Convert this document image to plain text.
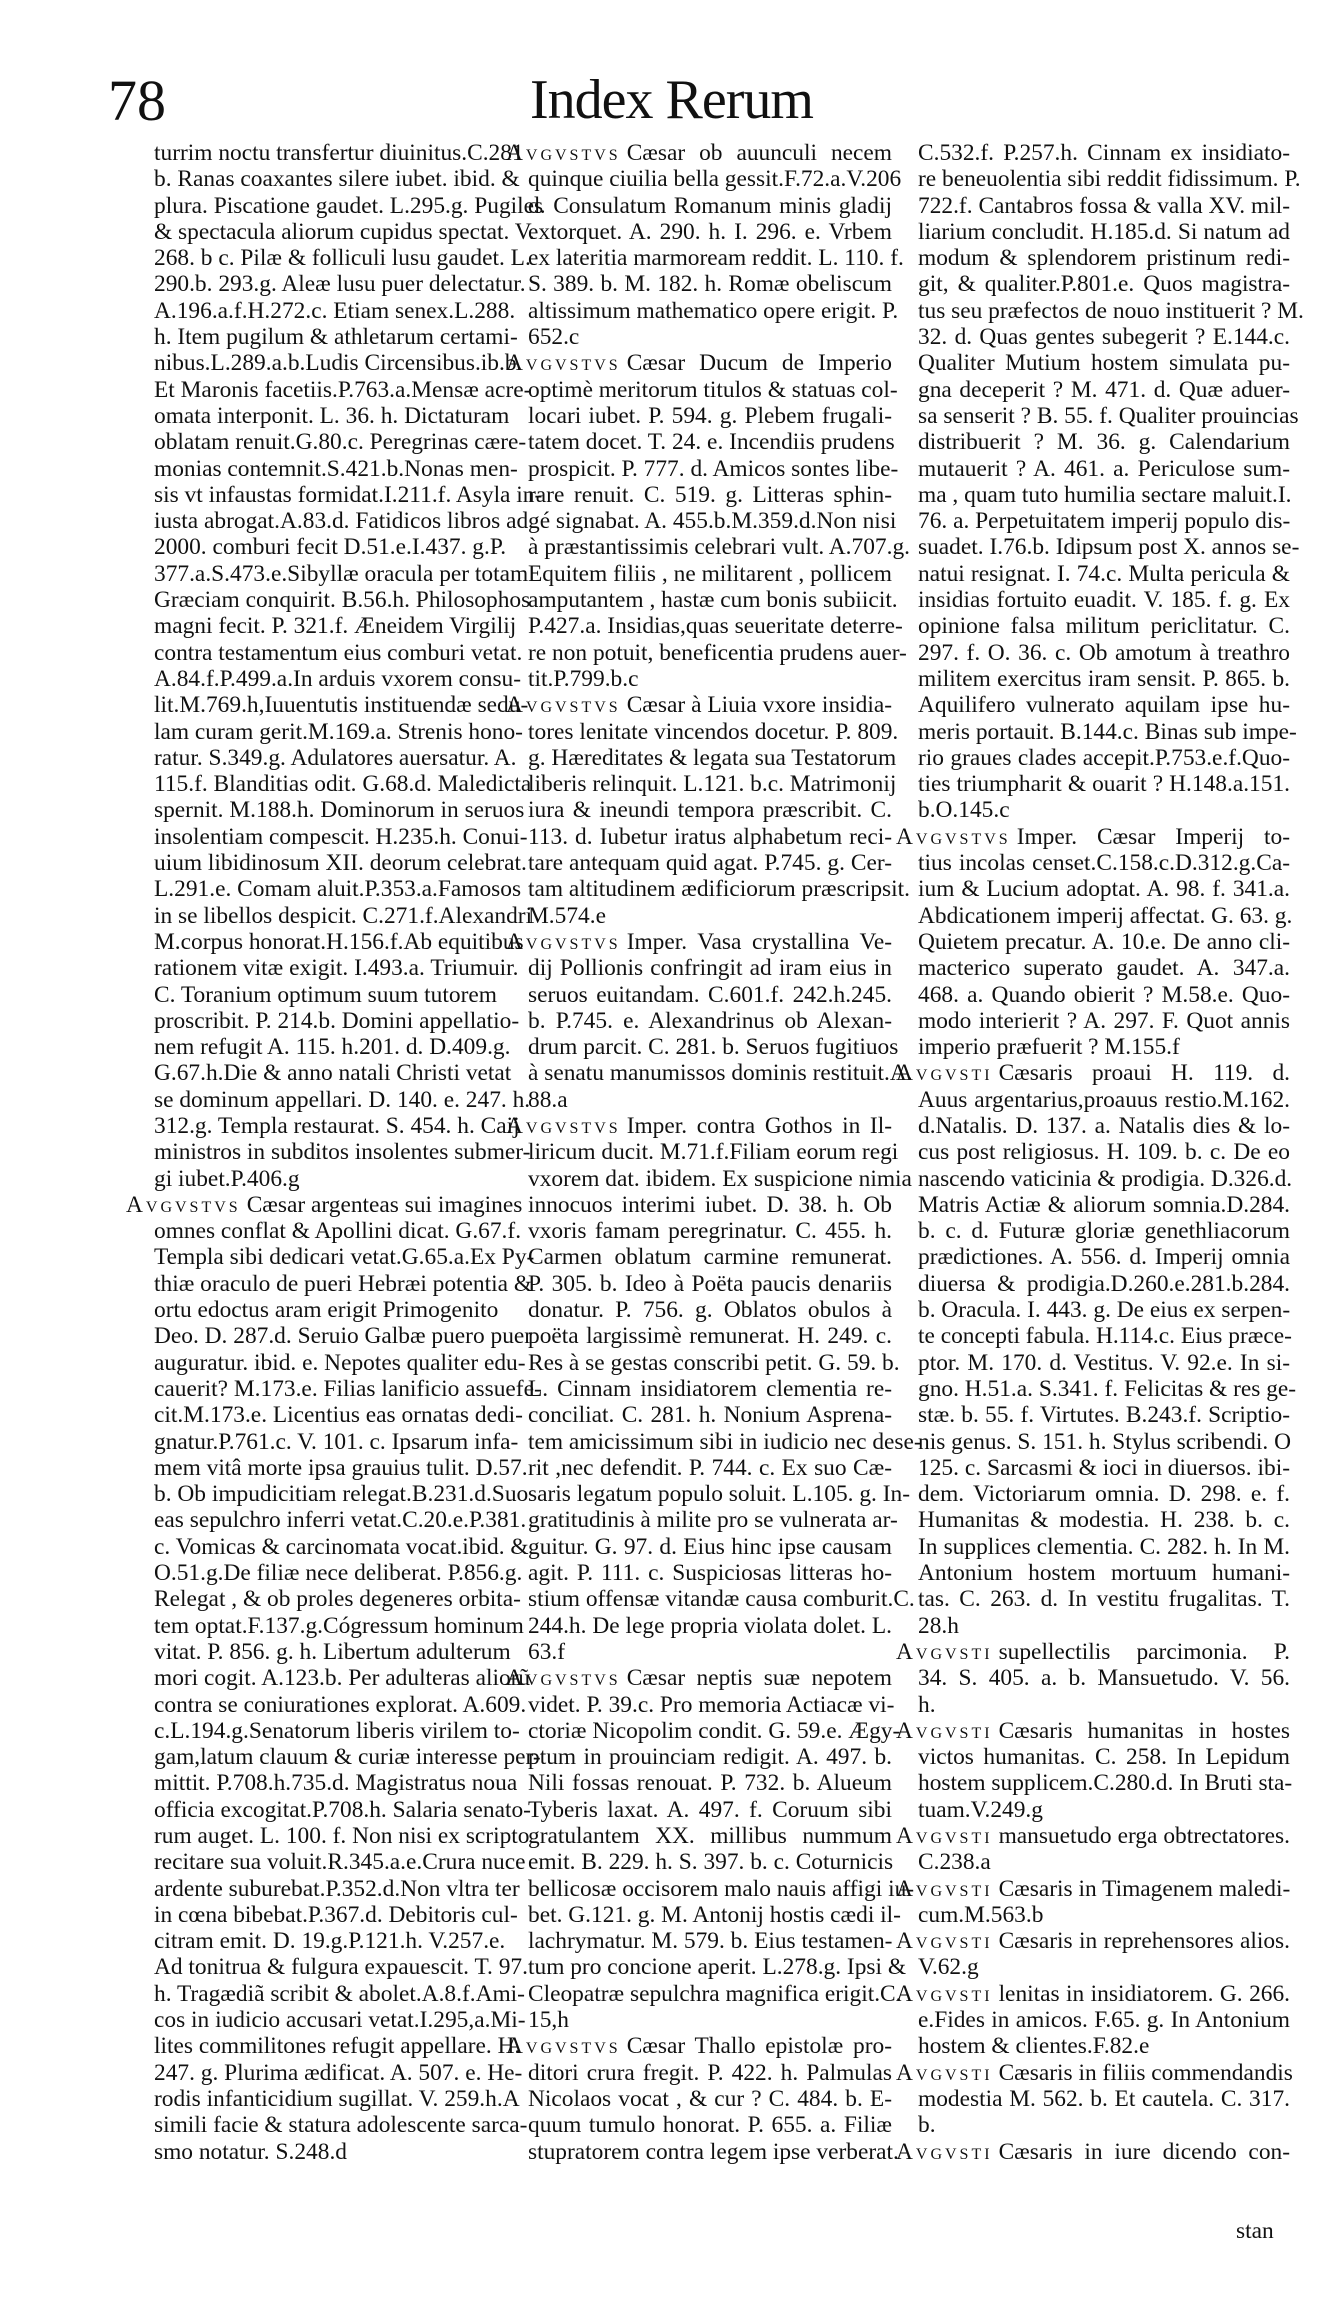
78	Index Rerum
turrim noctu transfertur diuinitus.C.281
b. Ranas coaxantes silere iubet. ibid. &
plura. Piscatione gaudet. L.295.g. Pugiles
& spectacula aliorum cupidus spectat. V.
268. b c. Pilæ & folliculi lusu gaudet. L.
290.b. 293.g. Aleæ lusu puer delectatur.
A.196.a.f.H.272.c. Etiam senex.L.288.
h. Item pugilum & athletarum certami-
nibus.L.289.a.b.Ludis Circensibus.ib.b.
Et Maronis facetiis.P.763.a.Mensæ acre-
omata interponit. L. 36. h. Dictaturam
oblatam renuit.G.80.c. Peregrinas cære-
monias contemnit.S.421.b.Nonas men-
sis vt infaustas formidat.I.211.f. Asyla in-
iusta abrogat.A.83.d. Fatidicos libros ad
2000. comburi fecit D.51.e.I.437. g.P.
377.a.S.473.e.Sibyllæ oracula per totam
Græciam conquirit. B.56.h. Philosophos
magni fecit. P. 321.f. Æneidem Virgilij
contra testamentum eius comburi vetat.
A.84.f.P.499.a.In arduis vxorem consu-
lit.M.769.h,Iuuentutis instituendæ sedu-
lam curam gerit.M.169.a. Strenis hono-
ratur. S.349.g. Adulatores auersatur. A.
115.f. Blanditias odit. G.68.d. Maledicta
spernit. M.188.h. Dominorum in seruos
insolentiam compescit. H.235.h. Conui-
uium libidinosum XII. deorum celebrat.
L.291.e. Comam aluit.P.353.a.Famosos
in se libellos despicit. C.271.f.Alexandri
M.corpus honorat.H.156.f.Ab equitibus
rationem vitæ exigit. I.493.a. Triumuir.
C. Toranium optimum suum tutorem
proscribit. P. 214.b. Domini appellatio-
nem refugit A. 115. h.201. d. D.409.g.
G.67.h.Die & anno natali Christi vetat
se dominum appellari. D. 140. e. 247. h.
312.g. Templa restaurat. S. 454. h. Caij
ministros in subditos insolentes submer-
gi iubet.P.406.g
Avgvstvs Cæsar argenteas sui imagines
omnes conflat & Apollini dicat. G.67.f.
Templa sibi dedicari vetat.G.65.a.Ex Py-
thiæ oraculo de pueri Hebræi potentia &
ortu edoctus aram erigit Primogenito
Deo. D. 287.d. Seruio Galbæ puero puer
auguratur. ibid. e. Nepotes qualiter edu-
cauerit? M.173.e. Filias lanificio assuefe-
cit.M.173.e. Licentius eas ornatas dedi-
gnatur.P.761.c. V. 101. c. Ipsarum infa-
mem vitâ morte ipsa grauius tulit. D.57.
b. Ob impudicitiam relegat.B.231.d.Suo
eas sepulchro inferri vetat.C.20.e.P.381.
c. Vomicas & carcinomata vocat.ibid. &
O.51.g.De filiæ nece deliberat. P.856.g.
Relegat , & ob proles degeneres orbita-
tem optat.F.137.g.Cógressum hominum
vitat. P. 856. g. h. Libertum adulterum
mori cogit. A.123.b. Per adulteras aliorũ
contra se coniurationes explorat. A.609.
c.L.194.g.Senatorum liberis virilem to-
gam,latum clauum & curiæ interesse per-
mittit. P.708.h.735.d. Magistratus noua
officia excogitat.P.708.h. Salaria senato-
rum auget. L. 100. f. Non nisi ex scripto
recitare sua voluit.R.345.a.e.Crura nuce
ardente suburebat.P.352.d.Non vltra ter
in cœna bibebat.P.367.d. Debitoris cul-
citram emit. D. 19.g.P.121.h. V.257.e.
Ad tonitrua & fulgura expauescit. T. 97.
h. Tragædiã scribit & abolet.A.8.f.Ami-
cos in iudicio accusari vetat.I.295,a.Mi-
lites commilitones refugit appellare. H.
247. g. Plurima ædificat. A. 507. e. He-
rodis infanticidium sugillat. V. 259.h.A
simili facie & statura adolescente sarca-
smo notatur. S.248.d
Avgvstvs Cæsar ob auunculi necem
quinque ciuilia bella gessit.F.72.a.V.206
d. Consulatum Romanum minis gladij
extorquet. A. 290. h. I. 296. e. Vrbem
ex lateritia marmoream reddit. L. 110. f.
S. 389. b. M. 182. h. Romæ obeliscum
altissimum mathematico opere erigit. P.
652.c
Avgvstvs Cæsar Ducum de Imperio
optimè meritorum titulos & statuas col-
locari iubet. P. 594. g. Plebem frugali-
tatem docet. T. 24. e. Incendiis prudens
prospicit. P. 777. d. Amicos sontes libe-
rare renuit. C. 519. g. Litteras sphin-
gé signabat. A. 455.b.M.359.d.Non nisi
à præstantissimis celebrari vult. A.707.g.
Equitem filiis , ne militarent , pollicem
amputantem , hastæ cum bonis subiicit.
P.427.a. Insidias,quas seueritate deterre-
re non potuit, beneficentia prudens auer-
tit.P.799.b.c
Avgvstvs Cæsar à Liuia vxore insidia-
tores lenitate vincendos docetur. P. 809.
g. Hæreditates & legata sua Testatorum
liberis relinquit. L.121. b.c. Matrimonij
iura & ineundi tempora præscribit. C.
113. d. Iubetur iratus alphabetum reci-
tare antequam quid agat. P.745. g. Cer-
tam altitudinem ædificiorum præscripsit.
M.574.e
Avgvstvs Imper. Vasa crystallina Ve-
dij Pollionis confringit ad iram eius in
seruos euitandam. C.601.f. 242.h.245.
b. P.745. e. Alexandrinus ob Alexan-
drum parcit. C. 281. b. Seruos fugitiuos
à senatu manumissos dominis restituit.A.
88.a
Avgvstvs Imper. contra Gothos in Il-
liricum ducit. M.71.f.Filiam eorum regi
vxorem dat. ibidem. Ex suspicione nimia
innocuos interimi iubet. D. 38. h. Ob
vxoris famam peregrinatur. C. 455. h.
Carmen oblatum carmine remunerat.
P. 305. b. Ideo à Poëta paucis denariis
donatur. P. 756. g. Oblatos obulos à
poëta largissimè remunerat. H. 249. c.
Res à se gestas conscribi petit. G. 59. b.
L. Cinnam insidiatorem clementia re-
conciliat. C. 281. h. Nonium Asprena-
tem amicissimum sibi in iudicio nec dese-
rit ,nec defendit. P. 744. c. Ex suo Cæ-
saris legatum populo soluit. L.105. g. In-
gratitudinis à milite pro se vulnerata ar-
guitur. G. 97. d. Eius hinc ipse causam
agit. P. 111. c. Suspiciosas litteras ho-
stium offensæ vitandæ causa comburit.C.
244.h. De lege propria violata dolet. L.
63.f
Avgvstvs Cæsar neptis suæ nepotem
videt. P. 39.c. Pro memoria Actiacæ vi-
ctoriæ Nicopolim condit. G. 59.e. Ægy-
ptum in prouinciam redigit. A. 497. b.
Nili fossas renouat. P. 732. b. Alueum
Tyberis laxat. A. 497. f. Coruum sibi
gratulantem XX. millibus nummum
emit. B. 229. h. S. 397. b. c. Coturnicis
bellicosæ occisorem malo nauis affigi iu-
bet. G.121. g. M. Antonij hostis cædi il-
lachrymatur. M. 579. b. Eius testamen-
tum pro concione aperit. L.278.g. Ipsi &
Cleopatræ sepulchra magnifica erigit.C.
15,h
Avgvstvs Cæsar Thallo epistolæ pro-
ditori crura fregit. P. 422. h. Palmulas
Nicolaos vocat , & cur ? C. 484. b. E-
quum tumulo honorat. P. 655. a. Filiæ
stupratorem contra legem ipse verberat.
C.532.f. P.257.h. Cinnam ex insidiato-
re beneuolentia sibi reddit fidissimum. P.
722.f. Cantabros fossa & valla XV. mil-
liarium concludit. H.185.d. Si natum ad
modum & splendorem pristinum redi-
git, & qualiter.P.801.e. Quos magistra-
tus seu præfectos de nouo instituerit ? M.
32. d. Quas gentes subegerit ? E.144.c.
Qualiter Mutium hostem simulata pu-
gna deceperit ? M. 471. d. Quæ aduer-
sa senserit ? B. 55. f. Qualiter prouincias
distribuerit ? M. 36. g. Calendarium
mutauerit ? A. 461. a. Periculose sum-
ma , quam tuto humilia sectare maluit.I.
76. a. Perpetuitatem imperij populo dis-
suadet. I.76.b. Idipsum post X. annos se-
natui resignat. I. 74.c. Multa pericula &
insidias fortuito euadit. V. 185. f. g. Ex
opinione falsa militum periclitatur. C.
297. f. O. 36. c. Ob amotum à treathro
militem exercitus iram sensit. P. 865. b.
Aquilifero vulnerato aquilam ipse hu-
meris portauit. B.144.c. Binas sub impe-
rio graues clades accepit.P.753.e.f.Quo-
ties triumpharit & ouarit ? H.148.a.151.
b.O.145.c
Avgvstvs Imper. Cæsar Imperij to-
tius incolas censet.C.158.c.D.312.g.Ca-
ium & Lucium adoptat. A. 98. f. 341.a.
Abdicationem imperij affectat. G. 63. g.
Quietem precatur. A. 10.e. De anno cli-
macterico superato gaudet. A. 347.a.
468. a. Quando obierit ? M.58.e. Quo-
modo interierit ? A. 297. F. Quot annis
imperio præfuerit ? M.155.f
Avgvsti Cæsaris proaui H. 119. d.
Auus argentarius,proauus restio.M.162.
d.Natalis. D. 137. a. Natalis dies & lo-
cus post religiosus. H. 109. b. c. De eo
nascendo vaticinia & prodigia. D.326.d.
Matris Actiæ & aliorum somnia.D.284.
b. c. d. Futuræ gloriæ genethliacorum
prædictiones. A. 556. d. Imperij omnia
diuersa & prodigia.D.260.e.281.b.284.
b. Oracula. I. 443. g. De eius ex serpen-
te concepti fabula. H.114.c. Eius præce-
ptor. M. 170. d. Vestitus. V. 92.e. In si-
gno. H.51.a. S.341. f. Felicitas & res ge-
stæ. b. 55. f. Virtutes. B.243.f. Scriptio-
nis genus. S. 151. h. Stylus scribendi. O
125. c. Sarcasmi & ioci in diuersos. ibi-
dem. Victoriarum omnia. D. 298. e. f.
Humanitas & modestia. H. 238. b. c.
In supplices clementia. C. 282. h. In M.
Antonium hostem mortuum humani-
tas. C. 263. d. In vestitu frugalitas. T.
28.h
Avgvsti supellectilis parcimonia. P.
34. S. 405. a. b. Mansuetudo. V. 56.
h.
Avgvsti Cæsaris humanitas in hostes
victos humanitas. C. 258. In Lepidum
hostem supplicem.C.280.d. In Bruti sta-
tuam.V.249.g
Avgvsti mansuetudo erga obtrectatores.
C.238.a
Avgvsti Cæsaris in Timagenem maledi-
cum.M.563.b
Avgvsti Cæsaris in reprehensores alios.
V.62.g
Avgvsti lenitas in insidiatorem. G. 266.
e.Fides in amicos. F.65. g. In Antonium
hostem & clientes.F.82.e
Avgvsti Cæsaris in filiis commendandis
modestia M. 562. b. Et cautela. C. 317.
b.
Avgvsti Cæsaris in iure dicendo con-
stan
